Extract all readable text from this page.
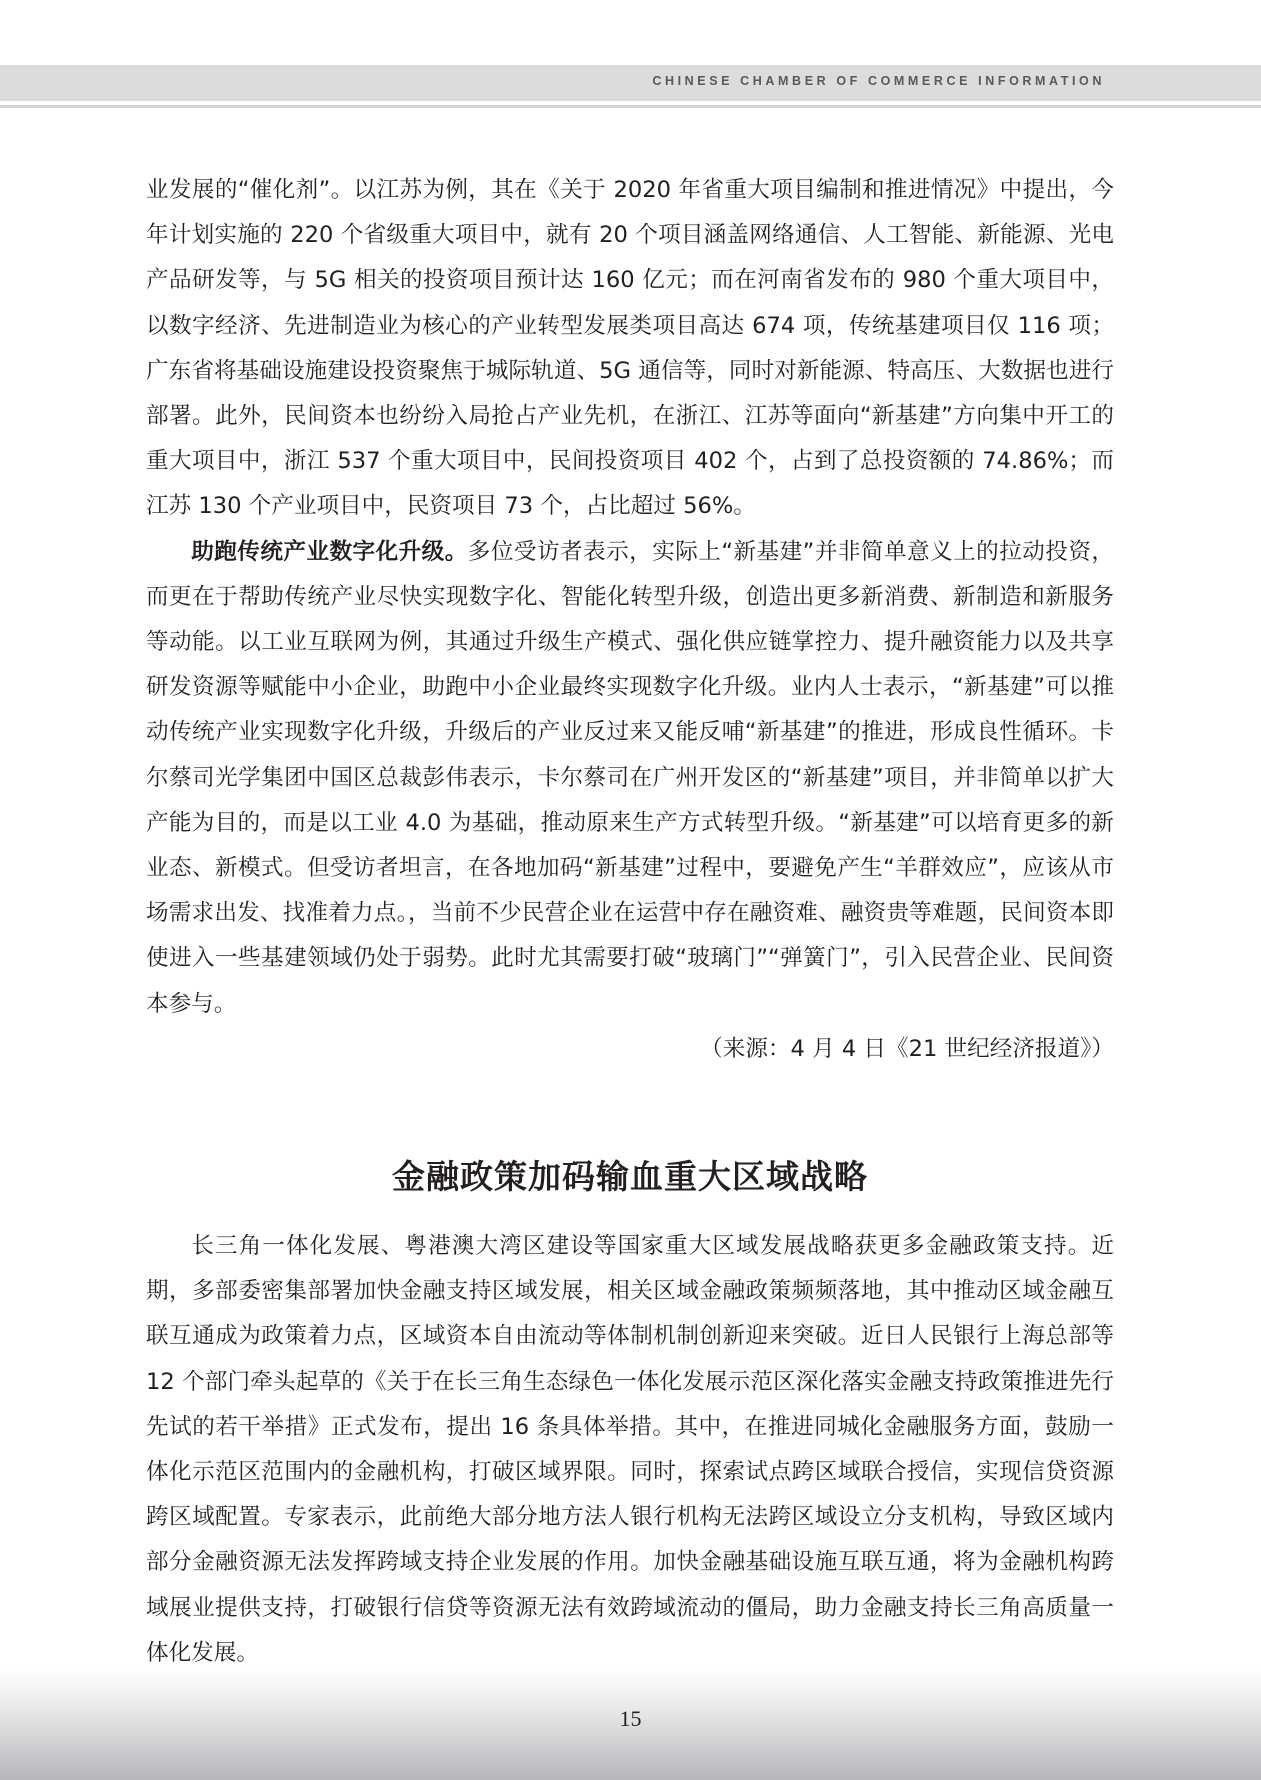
CHINESE CHAMBER OF COMMERCE INFORMATION

业发展的“催化剂”。以江苏为例，其在《关于 2020 年省重大项目编制和推进情况》中提出，今年计划实施的 220 个省级重大项目中，就有 20 个项目涵盖网络通信、人工智能、新能源、光电产品研发等，与 5G 相关的投资项目预计达 160 亿元；而在河南省发布的 980 个重大项目中，以数字经济、先进制造业为核心的产业转型发展类项目高达 674 项，传统基建项目仅 116 项；广东省将基础设施建设投资聚焦于城际轨道、5G 通信等，同时对新能源、特高压、大数据也进行部署。此外，民间资本也纷纷入局抢占产业先机，在浙江、江苏等面向“新基建”方向集中开工的重大项目中，浙江 537 个重大项目中，民间投资项目 402 个，占到了总投资额的 74.86%；而江苏 130 个产业项目中，民资项目 73 个，占比超过 56%。

助跑传统产业数字化升级。多位受访者表示，实际上“新基建”并非简单意义上的拉动投资，而更在于帮助传统产业尽快实现数字化、智能化转型升级，创造出更多新消费、新制造和新服务等动能。以工业互联网为例，其通过升级生产模式、强化供应链掌控力、提升融资能力以及共享研发资源等赋能中小企业，助跑中小企业最终实现数字化升级。业内人士表示，“新基建”可以推动传统产业实现数字化升级，升级后的产业反过来又能反哺“新基建”的推进，形成良性循环。卡尔蔡司光学集团中国区总裁彭伟表示，卡尔蔡司在广州开发区的“新基建”项目，并非简单以扩大产能为目的，而是以工业 4.0 为基础，推动原来生产方式转型升级。“新基建”可以培育更多的新业态、新模式。但受访者坦言，在各地加码“新基建”过程中，要避免产生“羊群效应”，应该从市场需求出发、找准着力点。，当前不少民营企业在运营中存在融资难、融资贵等难题，民间资本即使进入一些基建领域仍处于弱势。此时尤其需要打破“玻璃门”“弹簧门”，引入民营企业、民间资本参与。

（来源：4 月 4 日《21 世纪经济报道》）

金融政策加码输血重大区域战略

长三角一体化发展、粤港澳大湾区建设等国家重大区域发展战略获更多金融政策支持。近期，多部委密集部署加快金融支持区域发展，相关区域金融政策频频落地，其中推动区域金融互联互通成为政策着力点，区域资本自由流动等体制机制创新迎来突破。近日人民银行上海总部等 12 个部门牵头起草的《关于在长三角生态绿色一体化发展示范区深化落实金融支持政策推进先行先试的若干举措》正式发布，提出 16 条具体举措。其中，在推进同城化金融服务方面，鼓励一体化示范区范围内的金融机构，打破区域界限。同时，探索试点跨区域联合授信，实现信贷资源跨区域配置。专家表示，此前绝大部分地方法人银行机构无法跨区域设立分支机构，导致区域内部分金融资源无法发挥跨域支持企业发展的作用。加快金融基础设施互联互通，将为金融机构跨域展业提供支持，打破银行信贷等资源无法有效跨域流动的僵局，助力金融支持长三角高质量一体化发展。

15
